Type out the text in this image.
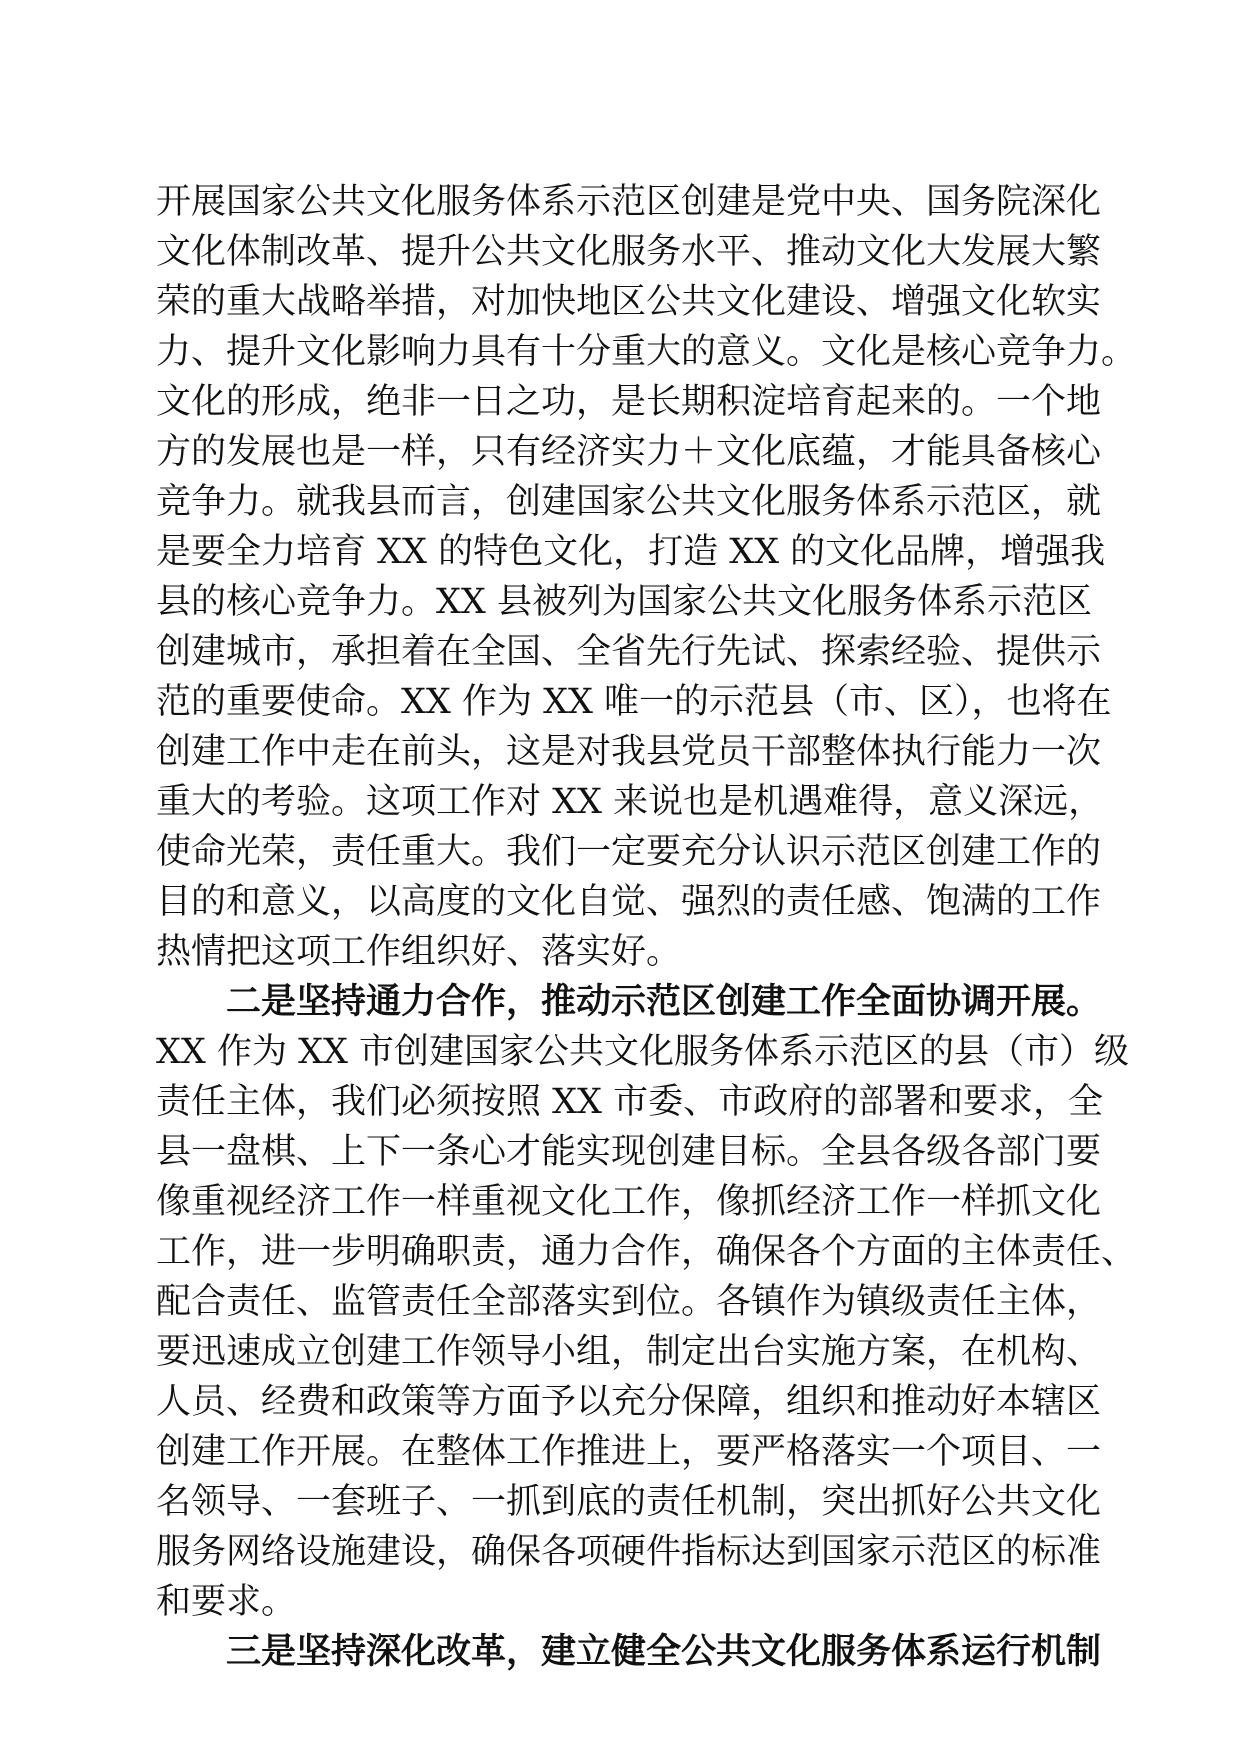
开展国家公共文化服务体系示范区创建是党中央、国务院深化
文化体制改革、提升公共文化服务水平、推动文化大发展大繁
荣的重大战略举措，对加快地区公共文化建设、增强文化软实
力、提升文化影响力具有十分重大的意义。文化是核心竞争力。
文化的形成，绝非一日之功，是长期积淀培育起来的。一个地
方的发展也是一样，只有经济实力＋文化底蕴，才能具备核心
竞争力。就我县而言，创建国家公共文化服务体系示范区，就
是要全力培育 XX 的特色文化，打造 XX 的文化品牌，增强我
县的核心竞争力。XX 县被列为国家公共文化服务体系示范区
创建城市，承担着在全国、全省先行先试、探索经验、提供示
范的重要使命。XX 作为 XX 唯一的示范县（市、区），也将在
创建工作中走在前头，这是对我县党员干部整体执行能力一次
重大的考验。这项工作对 XX 来说也是机遇难得，意义深远，
使命光荣，责任重大。我们一定要充分认识示范区创建工作的
目的和意义，以高度的文化自觉、强烈的责任感、饱满的工作
热情把这项工作组织好、落实好。
二是坚持通力合作，推动示范区创建工作全面协调开展。
XX 作为 XX 市创建国家公共文化服务体系示范区的县（市）级
责任主体，我们必须按照 XX 市委、市政府的部署和要求，全
县一盘棋、上下一条心才能实现创建目标。全县各级各部门要
像重视经济工作一样重视文化工作，像抓经济工作一样抓文化
工作，进一步明确职责，通力合作，确保各个方面的主体责任、
配合责任、监管责任全部落实到位。各镇作为镇级责任主体，
要迅速成立创建工作领导小组，制定出台实施方案，在机构、
人员、经费和政策等方面予以充分保障，组织和推动好本辖区
创建工作开展。在整体工作推进上，要严格落实一个项目、一
名领导、一套班子、一抓到底的责任机制，突出抓好公共文化
服务网络设施建设，确保各项硬件指标达到国家示范区的标准
和要求。
三是坚持深化改革，建立健全公共文化服务体系运行机制
